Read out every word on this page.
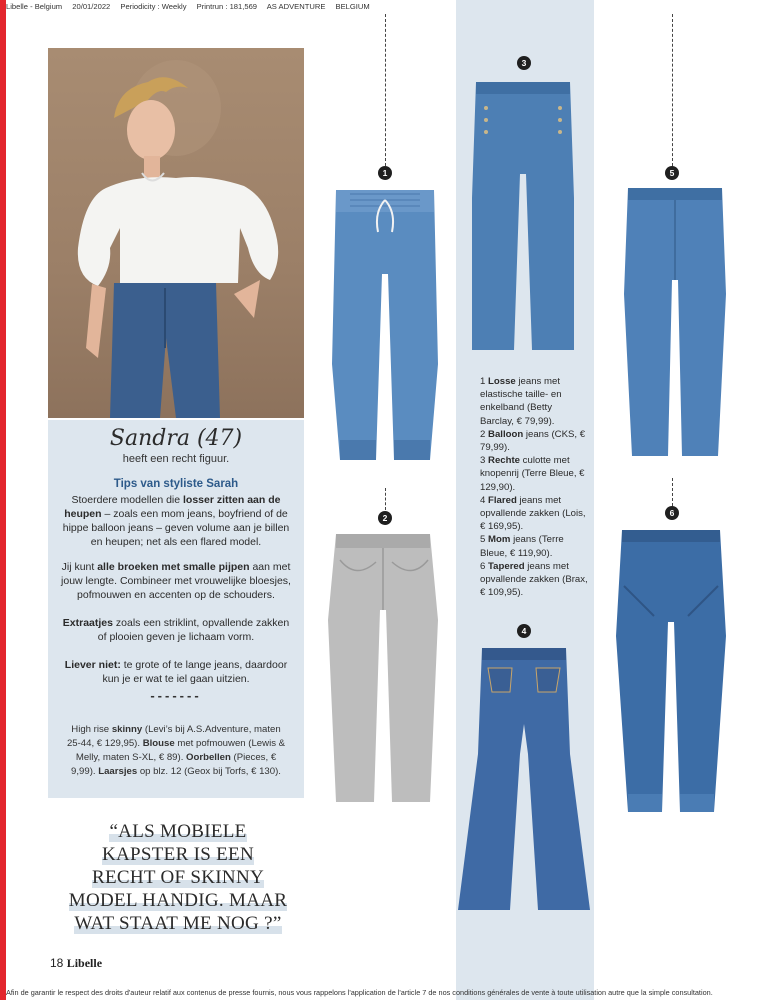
Libelle - Belgium 20/01/2022 Periodicity : Weekly Printrun : 181,569 AS ADVENTURE BELGIUM
Sandra (47)
heeft een recht figuur.
Tips van styliste Sarah
Stoerdere modellen die losser zitten aan de heupen – zoals een mom jeans, boyfriend of de hippe balloon jeans – geven volume aan je billen en heupen; net als een flared model.
Jij kunt alle broeken met smalle pijpen aan met jouw lengte. Combineer met vrouwelijke bloesjes, pofmouwen en accenten op de schouders.
Extraatjes zoals een striklint, opvallende zakken of plooien geven je lichaam vorm.
Liever niet: te grote of te lange jeans, daardoor kun je er wat te iel gaan uitzien.
-------
High rise skinny (Levi’s bij A.S.Adventure, maten 25-44, € 129,95). Blouse met pofmouwen (Lewis & Melly, maten S-XL, € 89). Oorbellen (Pieces, € 9,99). Laarsjes op blz. 12 (Geox bij Torfs, € 130).
“ALS MOBIELE
KAPSTER IS EEN
RECHT OF SKINNY
MODEL HANDIG. MAAR
WAT STAAT ME NOG ?”
1
2
3
4
5
6
1 Losse jeans met elastische taille- en enkelband (Betty Barclay, € 79,99).
2 Balloon jeans (CKS, € 79,99).
3 Rechte culotte met knopenrij (Terre Bleue, € 129,90).
4 Flared jeans met opvallende zakken (Lois, € 169,95).
5 Mom jeans (Terre Bleue, € 119,90).
6 Tapered jeans met opvallende zakken (Brax, € 109,95).
18 Libelle
Afin de garantir le respect des droits d'auteur relatif aux contenus de presse fournis, nous vous rappelons l'application de l'article 7 de nos conditions générales de vente à toute utilisation autre que la simple consultation.
